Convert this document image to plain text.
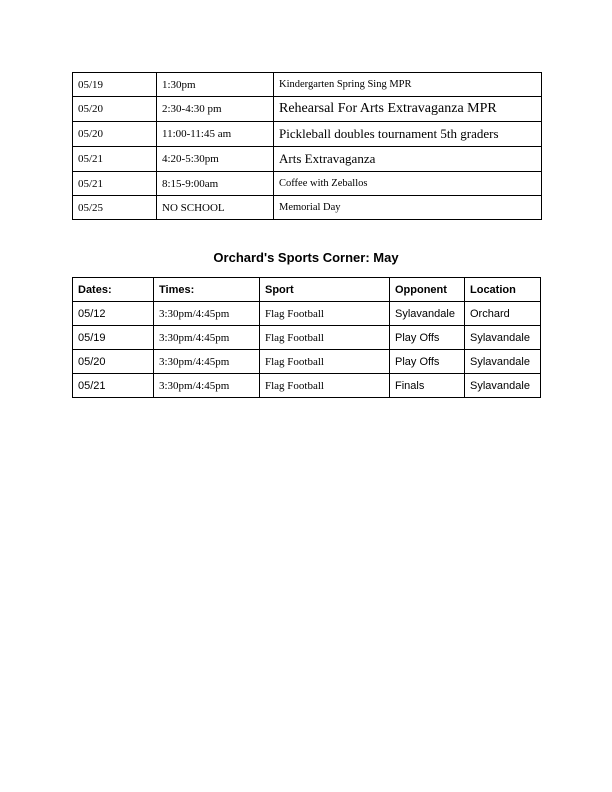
05/19	1:30pm	Kindergarten Spring Sing MPR
05/20	2:30-4:30 pm	Rehearsal For Arts Extravaganza MPR
05/20	11:00-11:45 am	Pickleball doubles tournament 5th graders
05/21	4:20-5:30pm	Arts Extravaganza
05/21	8:15-9:00am	Coffee with Zeballos
05/25	NO SCHOOL	Memorial Day
Orchard's Sports Corner: May
Dates:	Times:	Sport	Opponent	Location
05/12	3:30pm/4:45pm	Flag Football	Sylavandale	Orchard
05/19	3:30pm/4:45pm	Flag Football	Play Offs	Sylavandale
05/20	3:30pm/4:45pm	Flag Football	Play Offs	Sylavandale
05/21	3:30pm/4:45pm	Flag Football	Finals	Sylavandale
